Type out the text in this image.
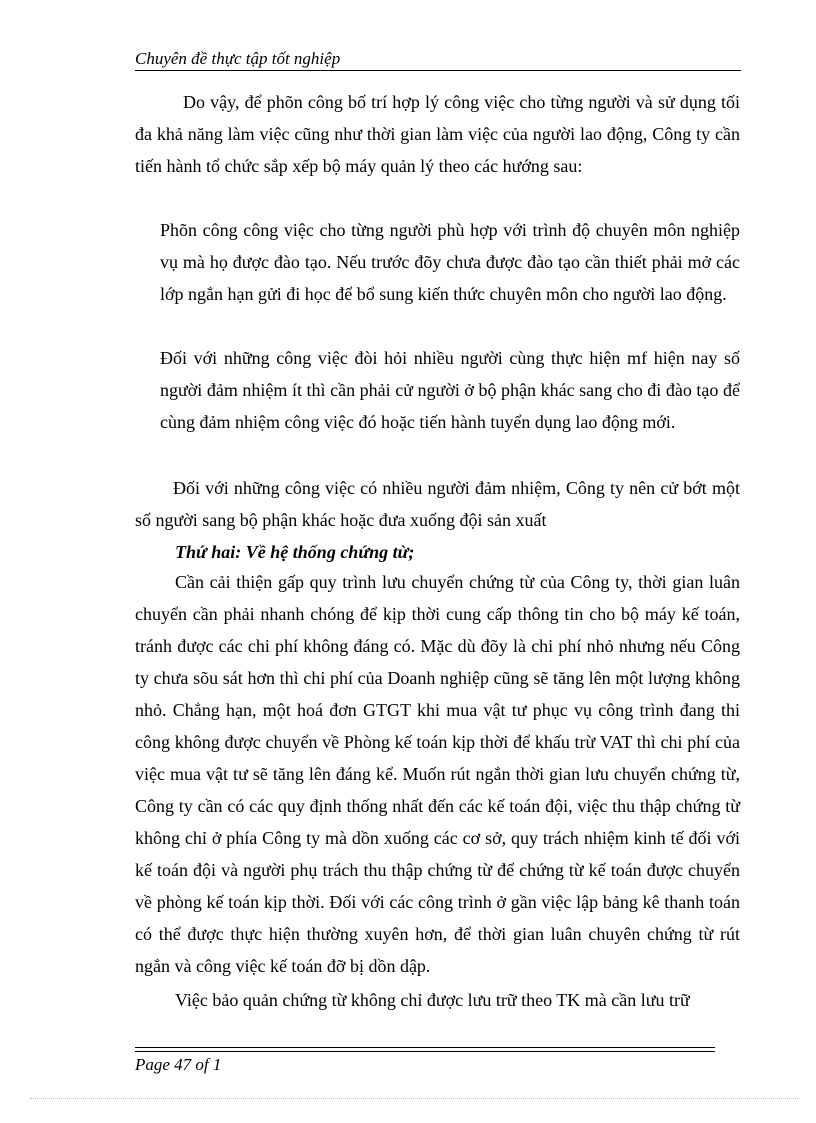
Chuyên đề thực tập tốt nghiệp

Do vậy, để phõn công bố trí hợp lý công việc cho từng người và sử dụng tối đa khả năng làm việc cũng như thời gian làm việc của người lao động, Công ty cần tiến hành tổ chức sắp xếp bộ máy quản lý theo các hướng sau:

Phõn công công việc cho từng người phù hợp với trình độ chuyên môn nghiệp vụ mà họ được đào tạo. Nếu trước đõy chưa được đào tạo cần thiết phải mở các lớp ngắn hạn gửi đi học để bổ sung kiến thức chuyên môn cho người lao động.

Đối với những công việc đòi hỏi nhiều người cùng thực hiện mf hiện nay số người đảm nhiệm ít thì cần phải cử người ở bộ phận khác sang cho đi đào tạo để cùng đảm nhiệm công việc đó hoặc tiến hành tuyển dụng lao động mới.

Đối với những công việc có nhiều người đảm nhiệm, Công ty nên cử bớt một số người sang bộ phận khác hoặc đưa xuống đội sản xuất

Thứ hai: Về hệ thống chứng từ;

Cần cải thiện gấp quy trình lưu chuyển chứng từ của Công ty, thời gian luân chuyển cần phải nhanh chóng để kịp thời cung cấp thông tin cho bộ máy kế toán, tránh được các chi phí không đáng có. Mặc dù đõy là chi phí nhỏ nhưng nếu Công ty chưa sõu sát hơn thì chi phí của Doanh nghiệp cũng sẽ tăng lên một lượng không nhỏ. Chẳng hạn, một hoá đơn GTGT khi mua vật tư phục vụ công trình đang thi công không được chuyển về Phòng kế toán kịp thời để khấu trừ VAT thì chi phí của việc mua vật tư sẽ tăng lên đáng kể. Muốn rút ngắn thời gian lưu chuyển chứng từ, Công ty cần có các quy định thống nhất đến các kế toán đội, việc thu thập chứng từ không chỉ ở phía Công ty mà dồn xuống các cơ sở, quy trách nhiệm kinh tế đối với kế toán đội và người phụ trách thu thập chứng từ để chứng từ kế toán được chuyển về phòng kế toán kịp thời. Đối với các công trình ở gần việc lập bảng kê thanh toán có thể được thực hiện thường xuyên hơn, để thời gian luân chuyên chứng từ rút ngắn và công việc kế toán đỡ bị dồn dập.

Việc bảo quản chứng từ không chỉ được lưu trữ theo TK mà cần lưu trữ

Page 47 of 1
